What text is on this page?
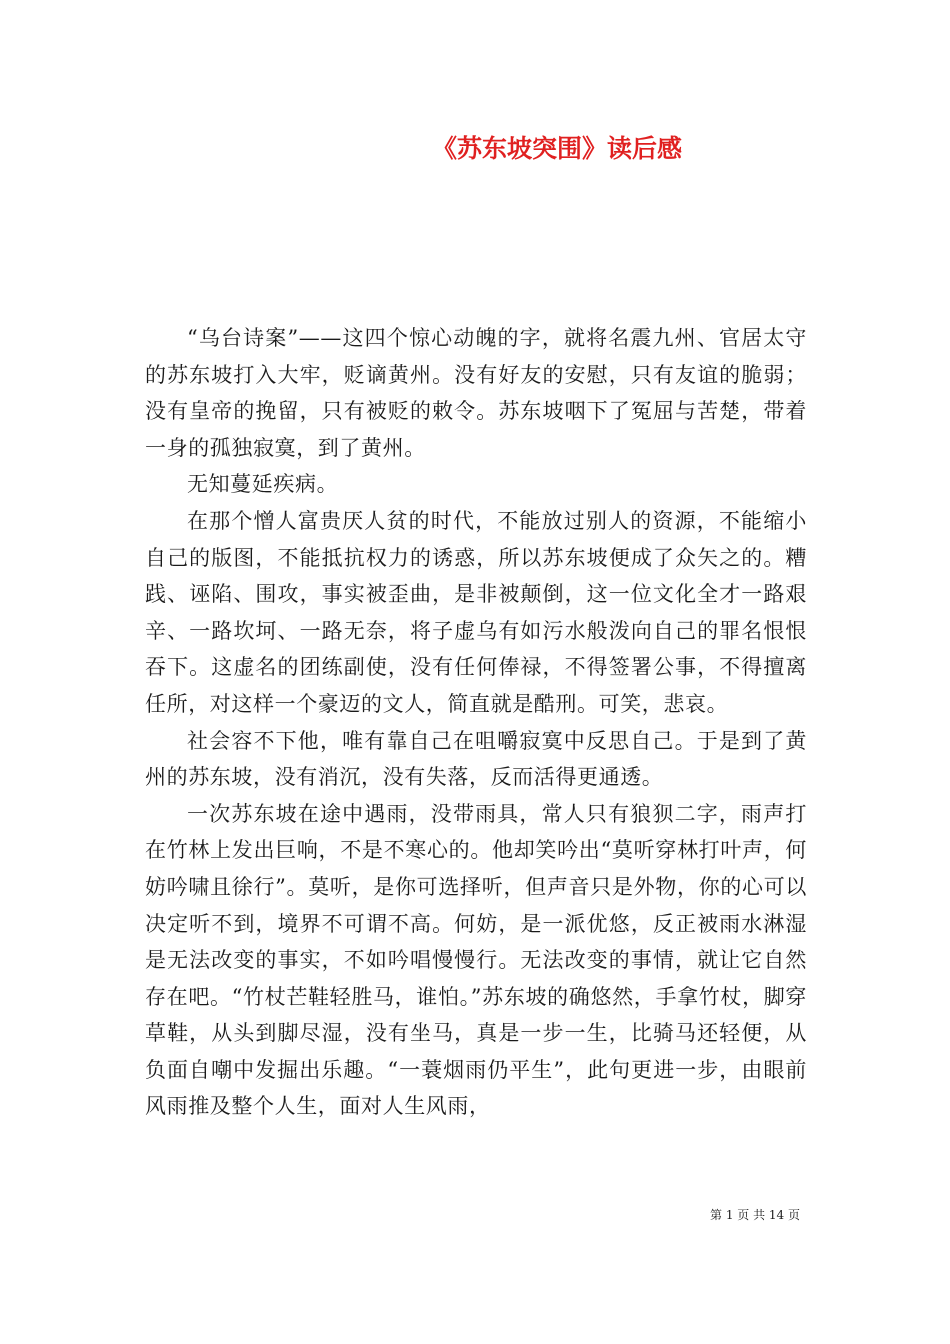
《苏东坡突围》读后感

“乌台诗案”——这四个惊心动魄的字，就将名震九州、官居太守的苏东坡打入大牢，贬谪黄州。没有好友的安慰，只有友谊的脆弱；没有皇帝的挽留，只有被贬的敕令。苏东坡咽下了冤屈与苦楚，带着一身的孤独寂寞，到了黄州。

无知蔓延疾病。

在那个憎人富贵厌人贫的时代，不能放过别人的资源，不能缩小自己的版图，不能抵抗权力的诱惑，所以苏东坡便成了众矢之的。糟践、诬陷、围攻，事实被歪曲，是非被颠倒，这一位文化全才一路艰辛、一路坎坷、一路无奈，将子虚乌有如污水般泼向自己的罪名恨恨吞下。这虚名的团练副使，没有任何俸禄，不得签署公事，不得擅离任所，对这样一个豪迈的文人，简直就是酷刑。可笑，悲哀。

社会容不下他，唯有靠自己在咀嚼寂寞中反思自己。于是到了黄州的苏东坡，没有消沉，没有失落，反而活得更通透。

一次苏东坡在途中遇雨，没带雨具，常人只有狼狈二字，雨声打在竹林上发出巨响，不是不寒心的。他却笑吟出“莫听穿林打叶声，何妨吟啸且徐行”。莫听，是你可选择听，但声音只是外物，你的心可以决定听不到，境界不可谓不高。何妨，是一派优悠，反正被雨水淋湿是无法改变的事实，不如吟唱慢慢行。无法改变的事情，就让它自然存在吧。“竹杖芒鞋轻胜马，谁怕。”苏东坡的确悠然，手拿竹杖，脚穿草鞋，从头到脚尽湿，没有坐马，真是一步一生，比骑马还轻便，从负面自嘲中发掘出乐趣。“一蓑烟雨仍平生”，此句更进一步，由眼前风雨推及整个人生，面对人生风雨，

第 1 页 共 14 页
